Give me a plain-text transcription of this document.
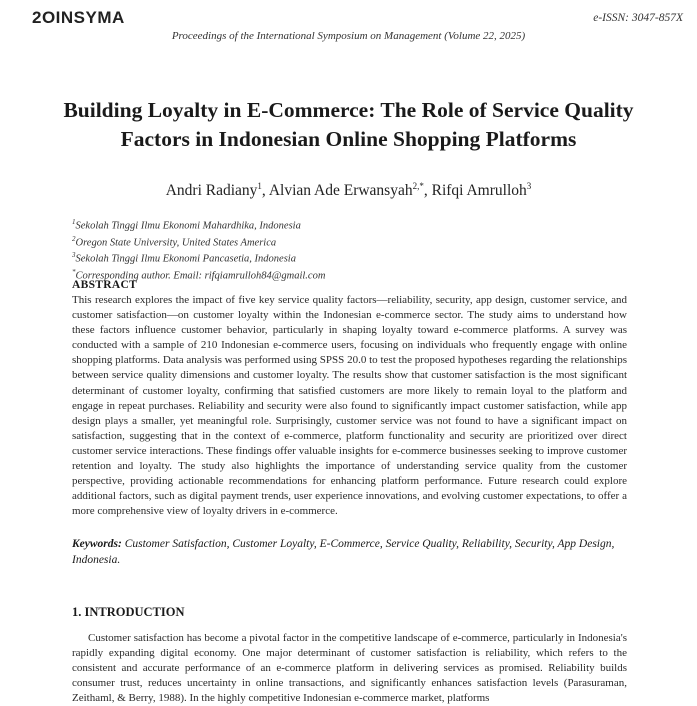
2OINSYMA	e-ISSN: 3047-857X
Proceedings of the International Symposium on Management (Volume 22, 2025)
Building Loyalty in E-Commerce: The Role of Service Quality Factors in Indonesian Online Shopping Platforms
Andri Radiany$^1$, Alvian Ade Erwansyah$^{2,*}$, Rifqi Amrulloh$^3$
$^1$Sekolah Tinggi Ilmu Ekonomi Mahardhika, Indonesia
$^2$Oregon State University, United States America
$^3$Sekolah Tinggi Ilmu Ekonomi Pancasetia, Indonesia
*Corresponding author. Email: rifqiamrulloh84@gmail.com
ABSTRACT

This research explores the impact of five key service quality factors—reliability, security, app design, customer service, and customer satisfaction—on customer loyalty within the Indonesian e-commerce sector. The study aims to understand how these factors influence customer behavior, particularly in shaping loyalty toward e-commerce platforms. A survey was conducted with a sample of 210 Indonesian e-commerce users, focusing on individuals who frequently engage with online shopping platforms. Data analysis was performed using SPSS 20.0 to test the proposed hypotheses regarding the relationships between service quality dimensions and customer loyalty. The results show that customer satisfaction is the most significant determinant of customer loyalty, confirming that satisfied customers are more likely to remain loyal to the platform and engage in repeat purchases. Reliability and security were also found to significantly impact customer satisfaction, while app design plays a smaller, yet meaningful role. Surprisingly, customer service was not found to have a significant impact on satisfaction, suggesting that in the context of e-commerce, platform functionality and security are prioritized over direct customer service interactions. These findings offer valuable insights for e-commerce businesses seeking to improve customer retention and loyalty. The study also highlights the importance of understanding service quality from the customer perspective, providing actionable recommendations for enhancing platform performance. Future research could explore additional factors, such as digital payment trends, user experience innovations, and evolving customer expectations, to offer a more comprehensive view of loyalty drivers in e-commerce.

Keywords: Customer Satisfaction, Customer Loyalty, E-Commerce, Service Quality, Reliability, Security, App Design, Indonesia.

1. INTRODUCTION

Customer satisfaction has become a pivotal factor in the competitive landscape of e-commerce, particularly in Indonesia's rapidly expanding digital economy. One major determinant of customer satisfaction is reliability, which refers to the consistent and accurate performance of an e-commerce platform in delivering services as promised. Reliability builds consumer trust, reduces uncertainty in online transactions, and significantly enhances satisfaction levels (Parasuraman, Zeithaml, & Berry, 1988). In the highly competitive Indonesian e-commerce market, platforms
